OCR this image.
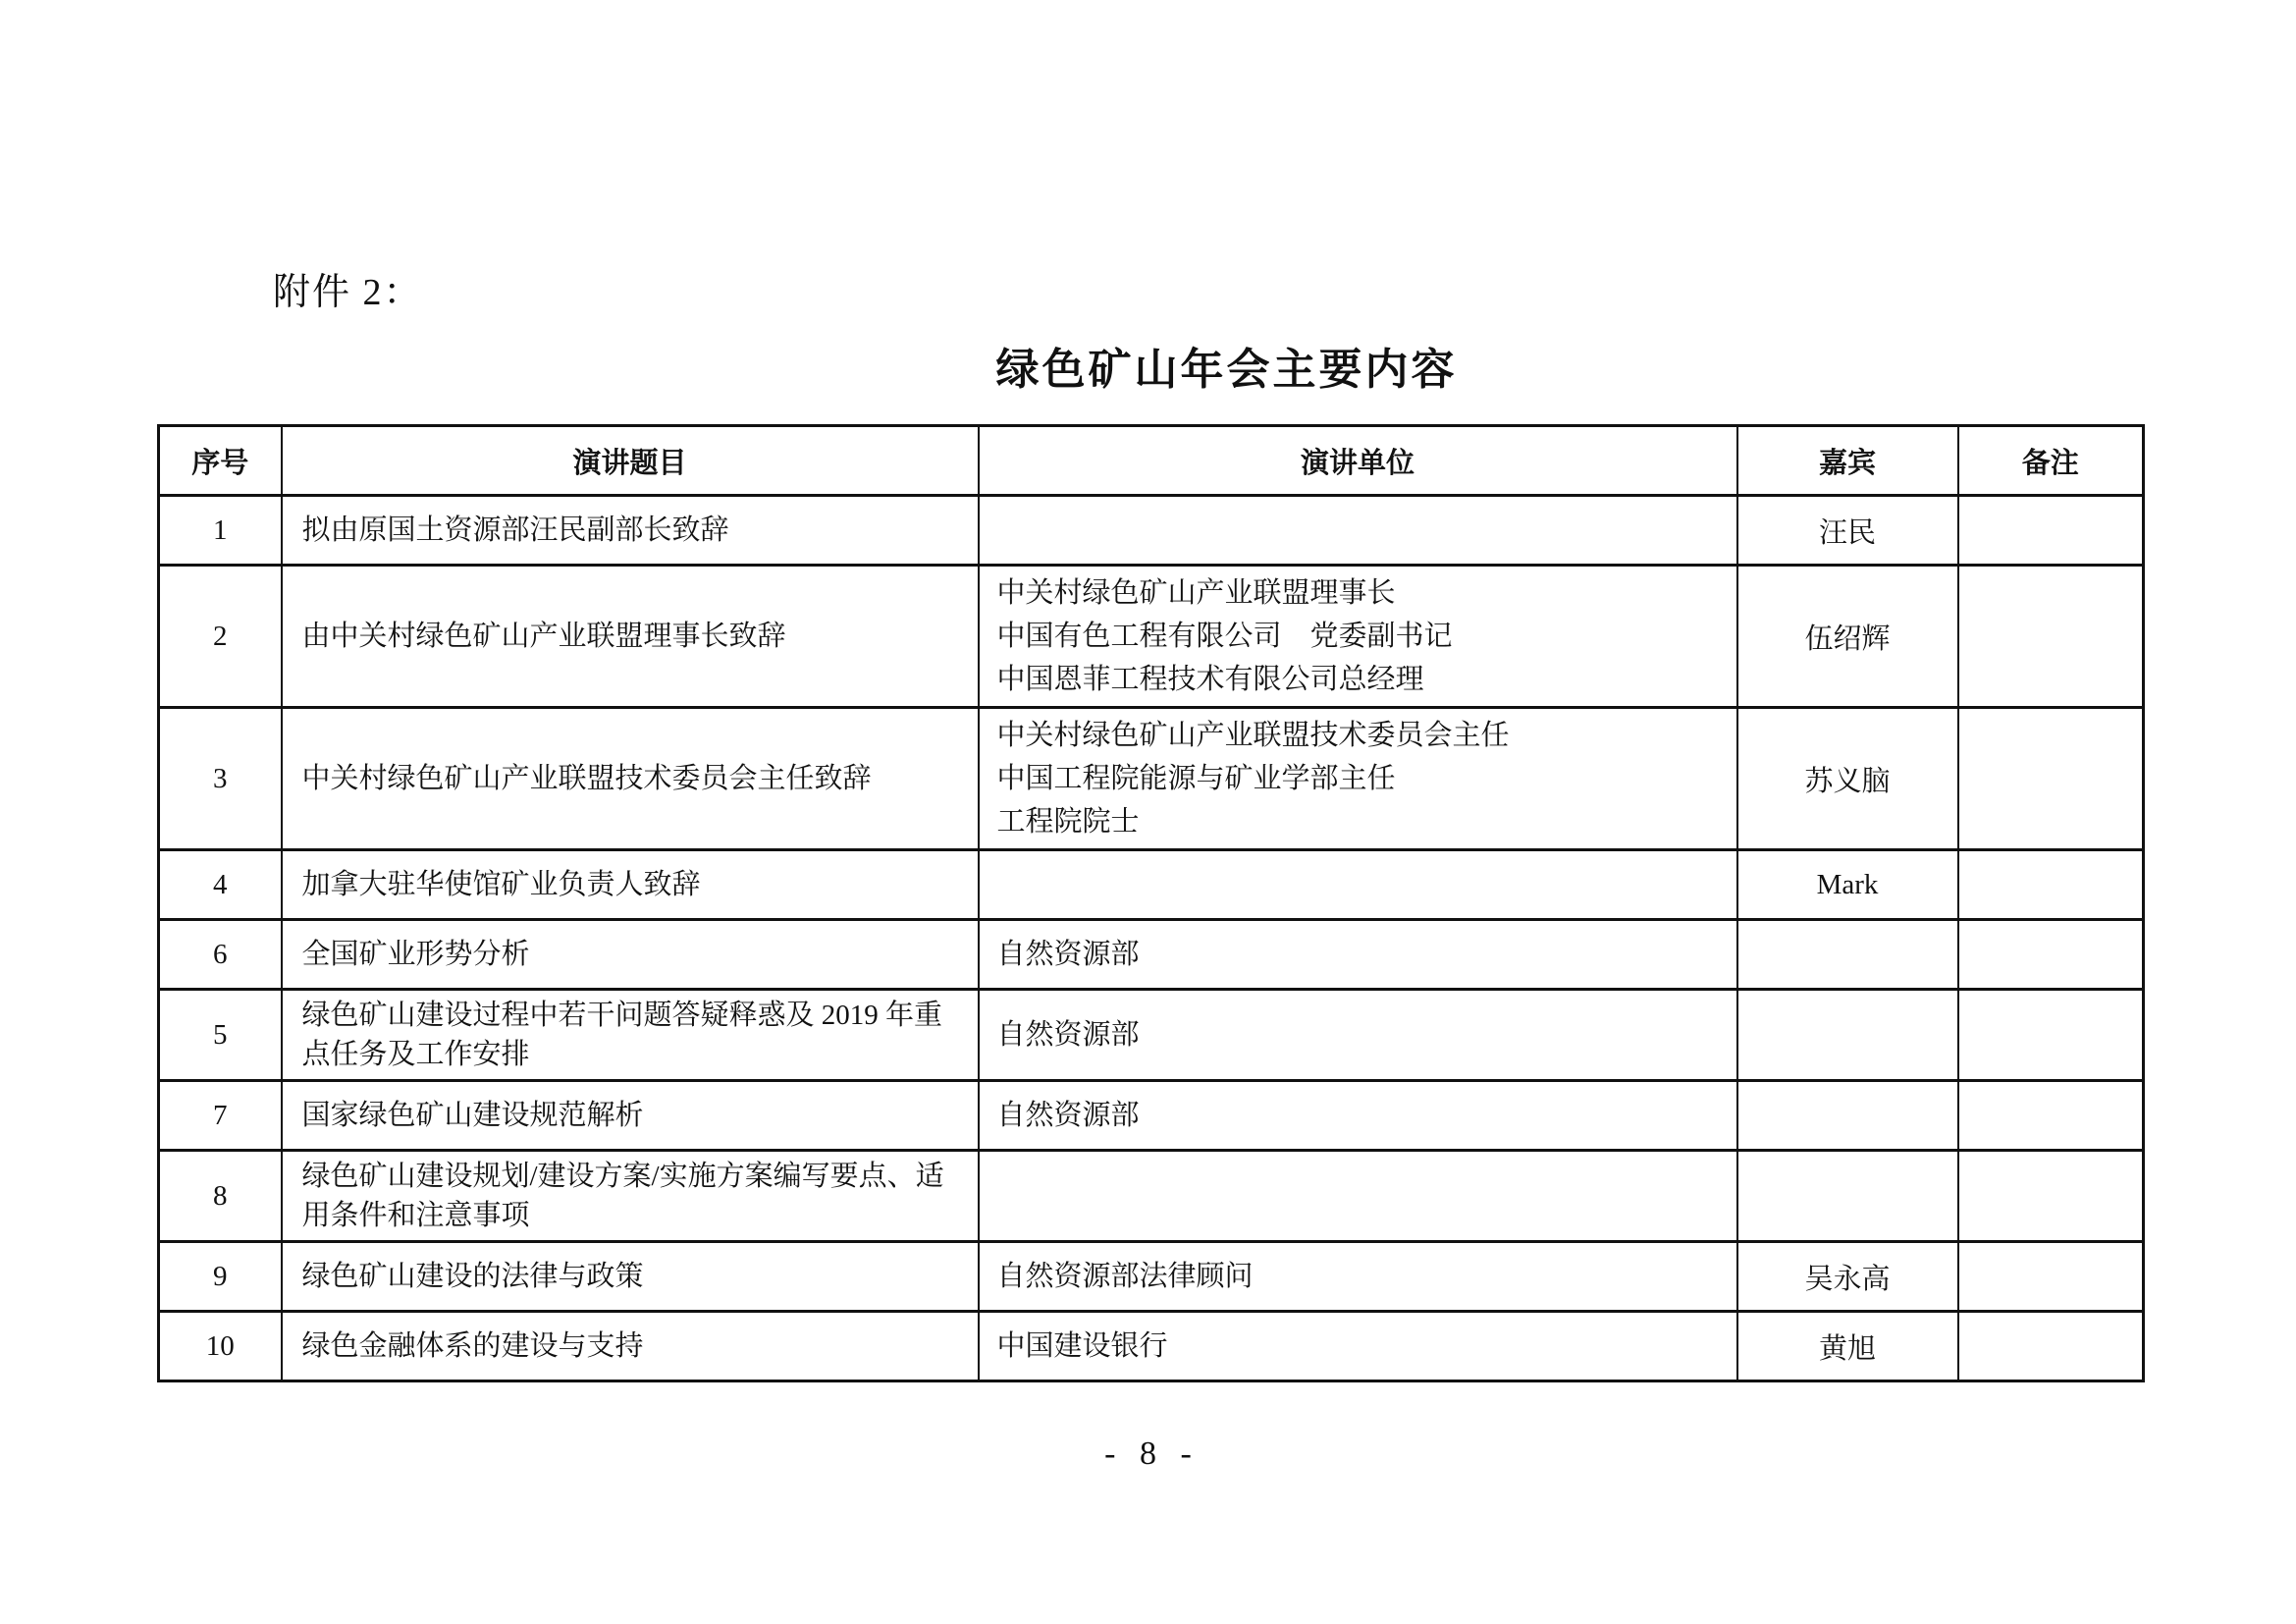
附件 2：
绿色矿山年会主要内容
序号	演讲题目	演讲单位	嘉宾	备注
1	拟由原国土资源部汪民副部长致辞		汪民	
2	由中关村绿色矿山产业联盟理事长致辞	中关村绿色矿山产业联盟理事长
中国有色工程有限公司　党委副书记
中国恩菲工程技术有限公司总经理	伍绍辉	
3	中关村绿色矿山产业联盟技术委员会主任致辞	中关村绿色矿山产业联盟技术委员会主任
中国工程院能源与矿业学部主任
工程院院士	苏义脑	
4	加拿大驻华使馆矿业负责人致辞		Mark	
6	全国矿业形势分析	自然资源部		

5	绿色矿山建设过程中若干问题答疑释惑及 2019 年重点任务及工作安排	自然资源部		

7	国家绿色矿山建设规范解析	自然资源部		

8	绿色矿山建设规划/建设方案/实施方案编写要点、适用条件和注意事项			
9	绿色矿山建设的法律与政策	自然资源部法律顾问	吴永高	
10	绿色金融体系的建设与支持	中国建设银行	黄旭	
- 8 -
